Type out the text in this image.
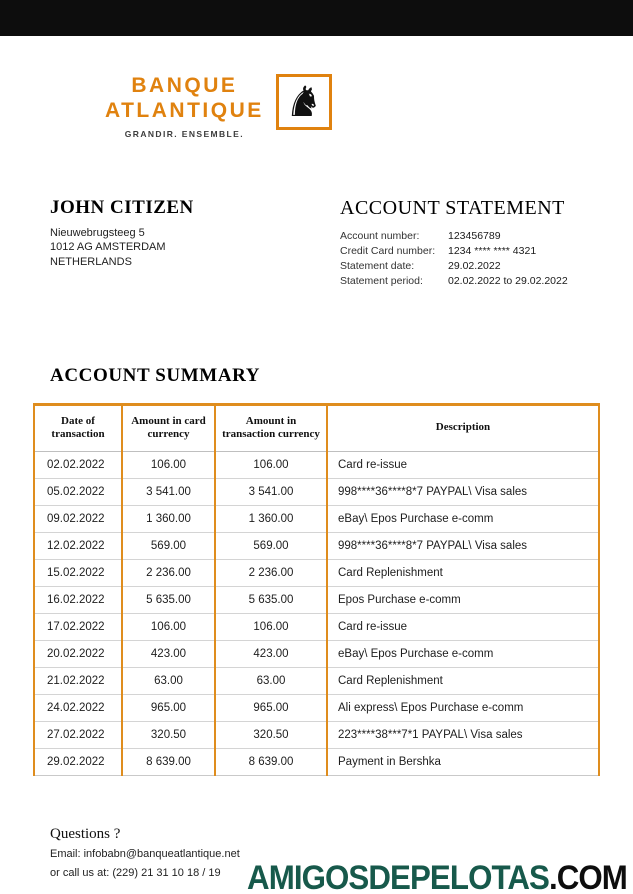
BANQUE
ATLANTIQUE
GRANDIR. ENSEMBLE.
♞
JOHN CITIZEN
Nieuwebrugsteeg 5
1012 AG AMSTERDAM
NETHERLANDS
ACCOUNT STATEMENT
Account number:	123456789
Credit Card number:	1234 **** **** 4321
Statement date:	29.02.2022
Statement period:	02.02.2022 to 29.02.2022
ACCOUNT SUMMARY
Date of transaction	Amount in card currency	Amount in transaction currency	Description
02.02.2022	106.00	106.00	Card re-issue
05.02.2022	3 541.00	3 541.00	998****36****8*7 PAYPAL\ Visa sales
09.02.2022	1 360.00	1 360.00	eBay\ Epos Purchase e-comm
12.02.2022	569.00	569.00	998****36****8*7 PAYPAL\ Visa sales
15.02.2022	2 236.00	2 236.00	Card Replenishment
16.02.2022	5 635.00	5 635.00	Epos Purchase e-comm
17.02.2022	106.00	106.00	Card re-issue
20.02.2022	423.00	423.00	eBay\ Epos Purchase e-comm
21.02.2022	63.00	63.00	Card Replenishment
24.02.2022	965.00	965.00	Ali express\ Epos Purchase e-comm
27.02.2022	320.50	320.50	223****38***7*1 PAYPAL\ Visa sales
29.02.2022	8 639.00	8 639.00	Payment in Bershka
Questions ?
Email: infobabn@banqueatlantique.net
or call us at: (229) 21 31 10 18 / 19 AMIGOSDEPELOTAS.COM
